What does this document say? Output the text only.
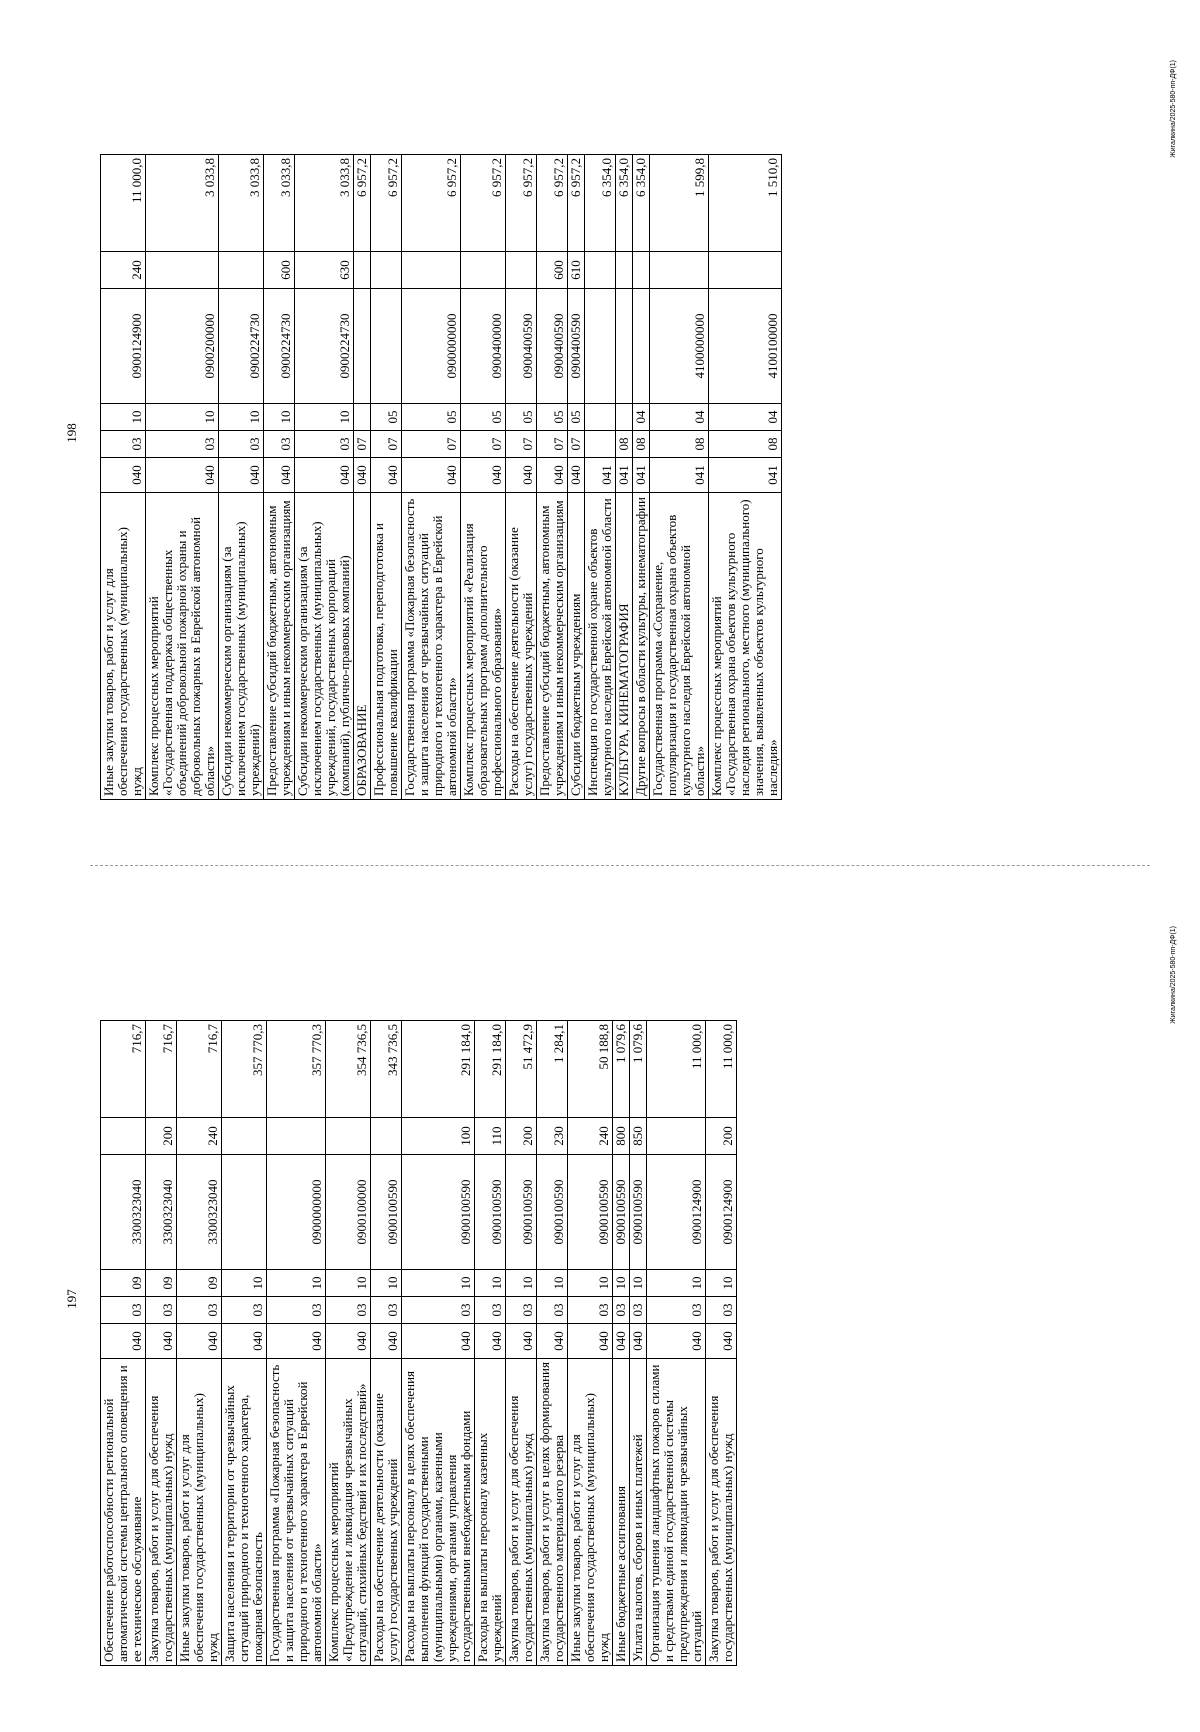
197
Обеспечение работоспособности региональной автоматической системы центрального оповещения и ее техническое обслуживание	040	03	09	3300323040		716,7
Закупка товаров, работ и услуг для обеспечения государственных (муниципальных) нужд	040	03	09	3300323040	200	716,7
Иные закупки товаров, работ и услуг для обеспечения государственных (муниципальных) нужд	040	03	09	3300323040	240	716,7
Защита населения и территории от чрезвычайных ситуаций природного и техногенного характера, пожарная безопасность	040	03	10			357 770,3
Государственная программа «Пожарная безопасность и защита населения от чрезвычайных ситуаций природного и техногенного характера в Еврейской автономной области»	040	03	10	0900000000		357 770,3
Комплекс процессных мероприятий «Предупреждение и ликвидация чрезвычайных ситуаций, стихийных бедствий и их последствий»	040	03	10	0900100000		354 736,5
Расходы на обеспечение деятельности (оказание услуг) государственных учреждений	040	03	10	0900100590		343 736,5
Расходы на выплаты персоналу в целях обеспечения выполнения функций государственными (муниципальными) органами, казенными учреждениями, органами управления государственными внебюджетными фондами	040	03	10	0900100590	100	291 184,0
Расходы на выплаты персоналу казенных учреждений	040	03	10	0900100590	110	291 184,0
Закупка товаров, работ и услуг для обеспечения государственных (муниципальных) нужд	040	03	10	0900100590	200	51 472,9
Закупка товаров, работ и услуг в целях формирования государственного материального резерва	040	03	10	0900100590	230	1 284,1
Иные закупки товаров, работ и услуг для обеспечения государственных (муниципальных) нужд	040	03	10	0900100590	240	50 188,8
Иные бюджетные ассигнования	040	03	10	0900100590	800	1 079,6
Уплата налогов, сборов и иных платежей	040	03	10	0900100590	850	1 079,6
Организация тушения ландшафтных пожаров силами и средствами единой государственной системы предупреждения и ликвидации чрезвычайных ситуаций	040	03	10	0900124900		11 000,0
Закупка товаров, работ и услуг для обеспечения государственных (муниципальных) нужд	040	03	10	0900124900	200	11 000,0
Жигалкина/2025-580-пп-ДФ(1)
198
Иные закупки товаров, работ и услуг для обеспечения государственных (муниципальных) нужд	040	03	10	0900124900	240	11 000,0
Комплекс процессных мероприятий «Государственная поддержка общественных объединений добровольной пожарной охраны и добровольных пожарных в Еврейской автономной области»	040	03	10	0900200000		3 033,8
Субсидии некоммерческим организациям (за исключением государственных (муниципальных) учреждений)	040	03	10	0900224730		3 033,8
Предоставление субсидий бюджетным, автономным учреждениям и иным некоммерческим организациям	040	03	10	0900224730	600	3 033,8
Субсидии некоммерческим организациям (за исключением государственных (муниципальных) учреждений, государственных корпораций (компаний), публично-правовых компаний)	040	03	10	0900224730	630	3 033,8
ОБРАЗОВАНИЕ	040	07				6 957,2
Профессиональная подготовка, переподготовка и повышение квалификации	040	07	05			6 957,2
Государственная программа «Пожарная безопасность и защита населения от чрезвычайных ситуаций природного и техногенного характера в Еврейской автономной области»	040	07	05	0900000000		6 957,2
Комплекс процессных мероприятий «Реализация образовательных программ дополнительного профессионального образования»	040	07	05	0900400000		6 957,2
Расходы на обеспечение деятельности (оказание услуг) государственных учреждений	040	07	05	0900400590		6 957,2
Предоставление субсидий бюджетным, автономным учреждениям и иным некоммерческим организациям	040	07	05	0900400590	600	6 957,2
Субсидии бюджетным учреждениям	040	07	05	0900400590	610	6 957,2
Инспекция по государственной охране объектов культурного наследия Еврейской автономной области	041					6 354,0
КУЛЬТУРА, КИНЕМАТОГРАФИЯ	041	08				6 354,0
Другие вопросы в области культуры, кинематографии	041	08	04			6 354,0
Государственная программа «Сохранение, популяризация и государственная охрана объектов культурного наследия Еврейской автономной области»	041	08	04	4100000000		1 599,8
Комплекс процессных мероприятий «Государственная охрана объектов культурного наследия регионального, местного (муниципального) значения, выявленных объектов культурного наследия»	041	08	04	4100100000		1 510,0
Жигалкина/2025-580-пп-ДФ(1)
